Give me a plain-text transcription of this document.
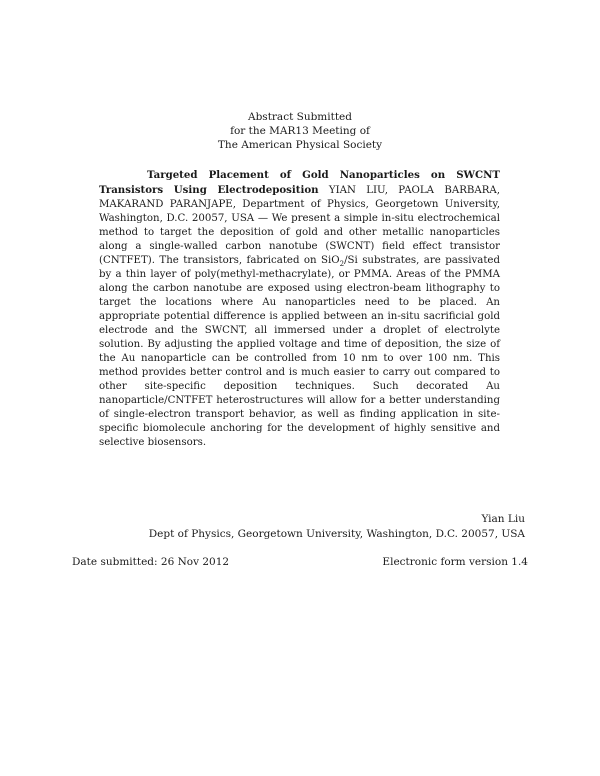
Abstract Submitted
for the MAR13 Meeting of
The American Physical Society
Targeted Placement of Gold Nanoparticles on SWCNT Transistors Using Electrodeposition YIAN LIU, PAOLA BARBARA, MAKARAND PARANJAPE, Department of Physics, Georgetown University, Washington, D.C. 20057, USA — We present a simple in-situ electrochemical method to target the deposition of gold and other metallic nanoparticles along a single-walled carbon nanotube (SWCNT) field effect transistor (CNTFET). The transistors, fabricated on SiO$_2$/Si substrates, are passivated by a thin layer of poly(methyl-methacrylate), or PMMA. Areas of the PMMA along the carbon nanotube are exposed using electron-beam lithography to target the locations where Au nanoparticles need to be placed. An appropriate potential difference is applied between an in-situ sacrificial gold electrode and the SWCNT, all immersed under a droplet of electrolyte solution. By adjusting the applied voltage and time of deposition, the size of the Au nanoparticle can be controlled from 10 nm to over 100 nm. This method provides better control and is much easier to carry out compared to other site-specific deposition techniques. Such decorated Au nanoparticle/CNTFET heterostructures will allow for a better understanding of single-electron transport behavior, as well as finding application in site-specific biomolecule anchoring for the development of highly sensitive and selective biosensors.
Yian Liu
Dept of Physics, Georgetown University, Washington, D.C. 20057, USA
Date submitted: 26 Nov 2012	Electronic form version 1.4
